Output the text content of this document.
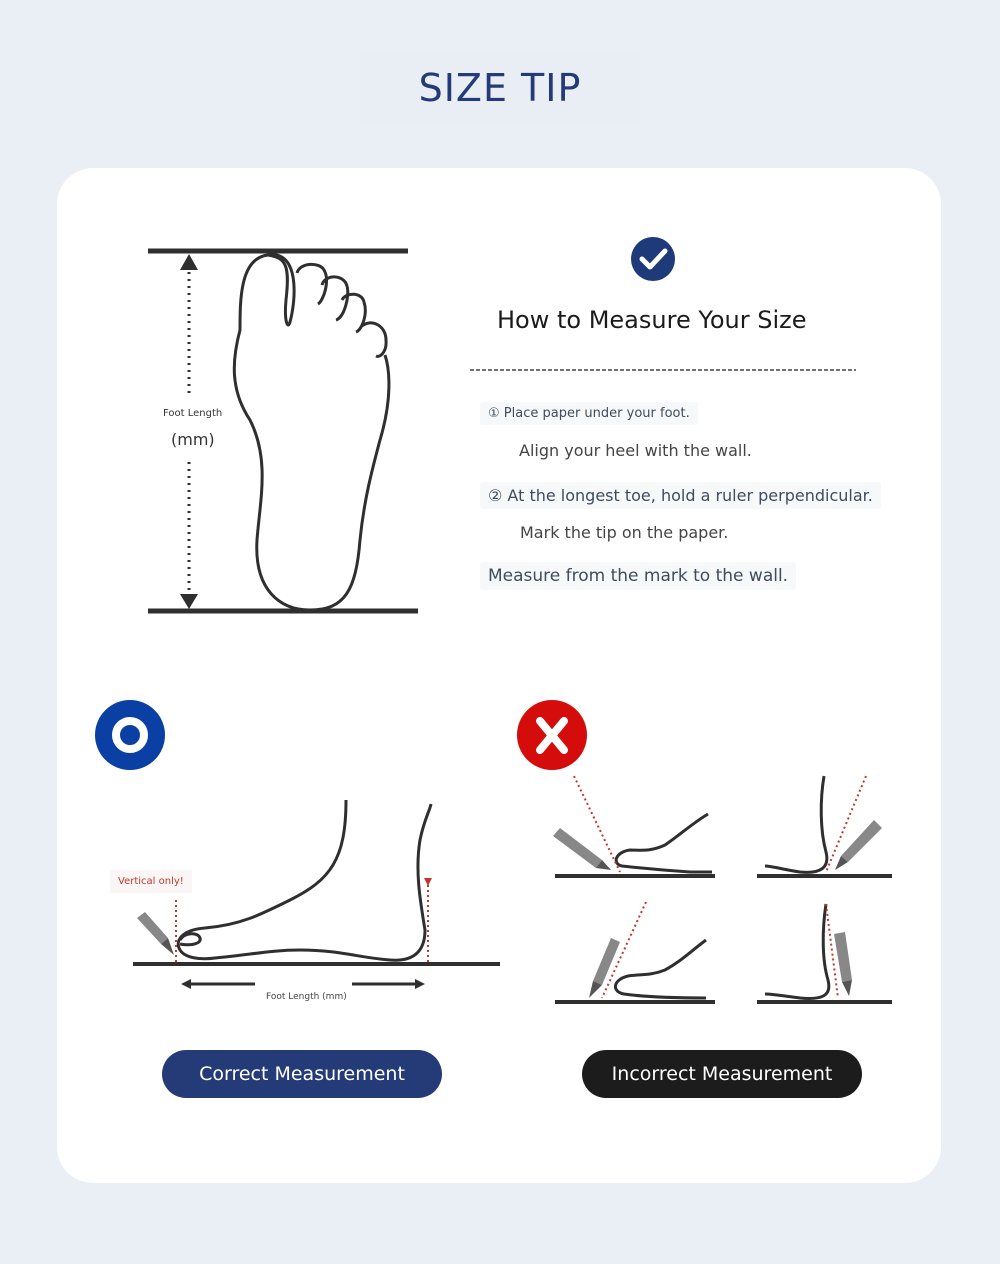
SIZE TIP
Foot Length
(mm)
How to Measure Your Size
① Place paper under your foot.
Align your heel with the wall.
② At the longest toe, hold a ruler perpendicular.
Mark the tip on the paper.
Measure from the mark to the wall.
Vertical only!
Foot Length (mm)
Correct Measurement	Incorrect Measurement
